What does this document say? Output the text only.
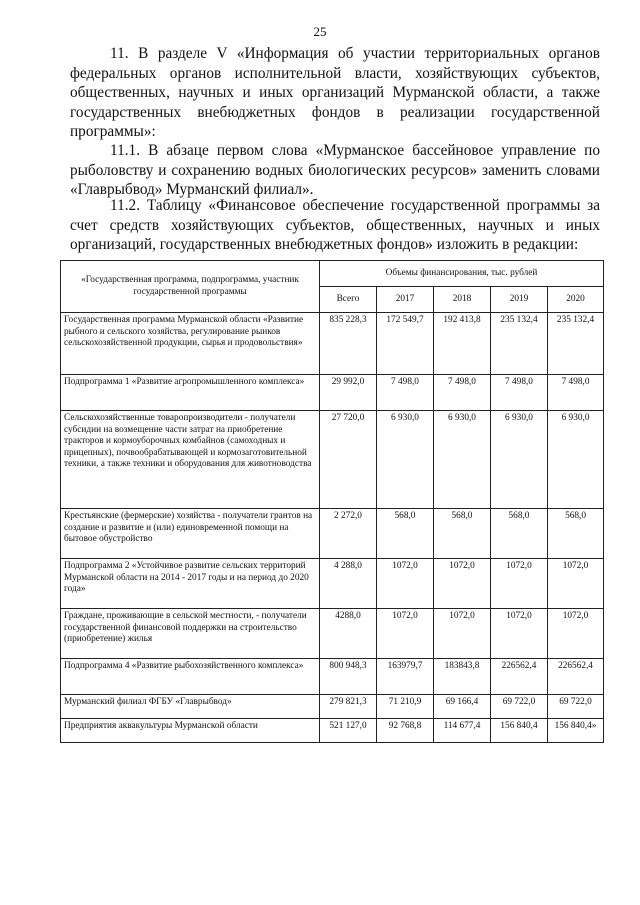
25

11. В разделе V «Информация об участии территориальных органов федеральных органов исполнительной власти, хозяйствующих субъектов, общественных, научных и иных организаций Мурманской области, а также государственных внебюджетных фондов в реализации государственной программы»:

11.1. В абзаце первом слова «Мурманское бассейновое управление по рыболовству и сохранению водных биологических ресурсов» заменить словами «Главрыбвод» Мурманский филиал».

11.2. Таблицу «Финансовое обеспечение государственной программы за счет средств хозяйствующих субъектов, общественных, научных и иных организаций, государственных внебюджетных фондов» изложить в редакции:

«Государственная программа, подпрограмма, участник государственной программы	Объемы финансирования, тыс. рублей				
	Всего	2017	2018	2019	2020
Государственная программа Мурманской области «Развитие рыбного и сельского хозяйства, регулирование рынков сельскохозяйственной продукции, сырья и продовольствия»	835 228,3	172 549,7	192 413,8	235 132,4	235 132,4
Подпрограмма 1 «Развитие агропромышленного комплекса»	29 992,0	7 498,0	7 498,0	7 498,0	7 498,0
Сельскохозяйственные товаропроизводители - получатели субсидии на возмещение части затрат на приобретение тракторов и кормоуборочных комбайнов (самоходных и прицепных), почвообрабатывающей и кормозаготовительной техники, а также техники и оборудования для животноводства	27 720,0	6 930,0	6 930,0	6 930,0	6 930,0
Крестьянские (фермерские) хозяйства - получатели грантов на создание и развитие и (или) единовременной помощи на бытовое обустройство	2 272,0	568,0	568,0	568,0	568,0
Подпрограмма 2 «Устойчивое развитие сельских территорий Мурманской области на 2014 - 2017 годы и на период до 2020 года»	4 288,0	1072,0	1072,0	1072,0	1072,0
Граждане, проживающие в сельской местности, - получатели государственной финансовой поддержки на строительство (приобретение) жилья	4288,0	1072,0	1072,0	1072,0	1072,0
Подпрограмма 4 «Развитие рыбохозяйственного комплекса»	800 948,3	163979,7	183843,8	226562,4	226562,4
Мурманский филиал ФГБУ «Главрыбвод»	279 821,3	71 210,9	69 166,4	69 722,0	69 722,0
Предприятия аквакультуры Мурманской области	521 127,0	92 768,8	114 677,4	156 840,4	156 840,4»
